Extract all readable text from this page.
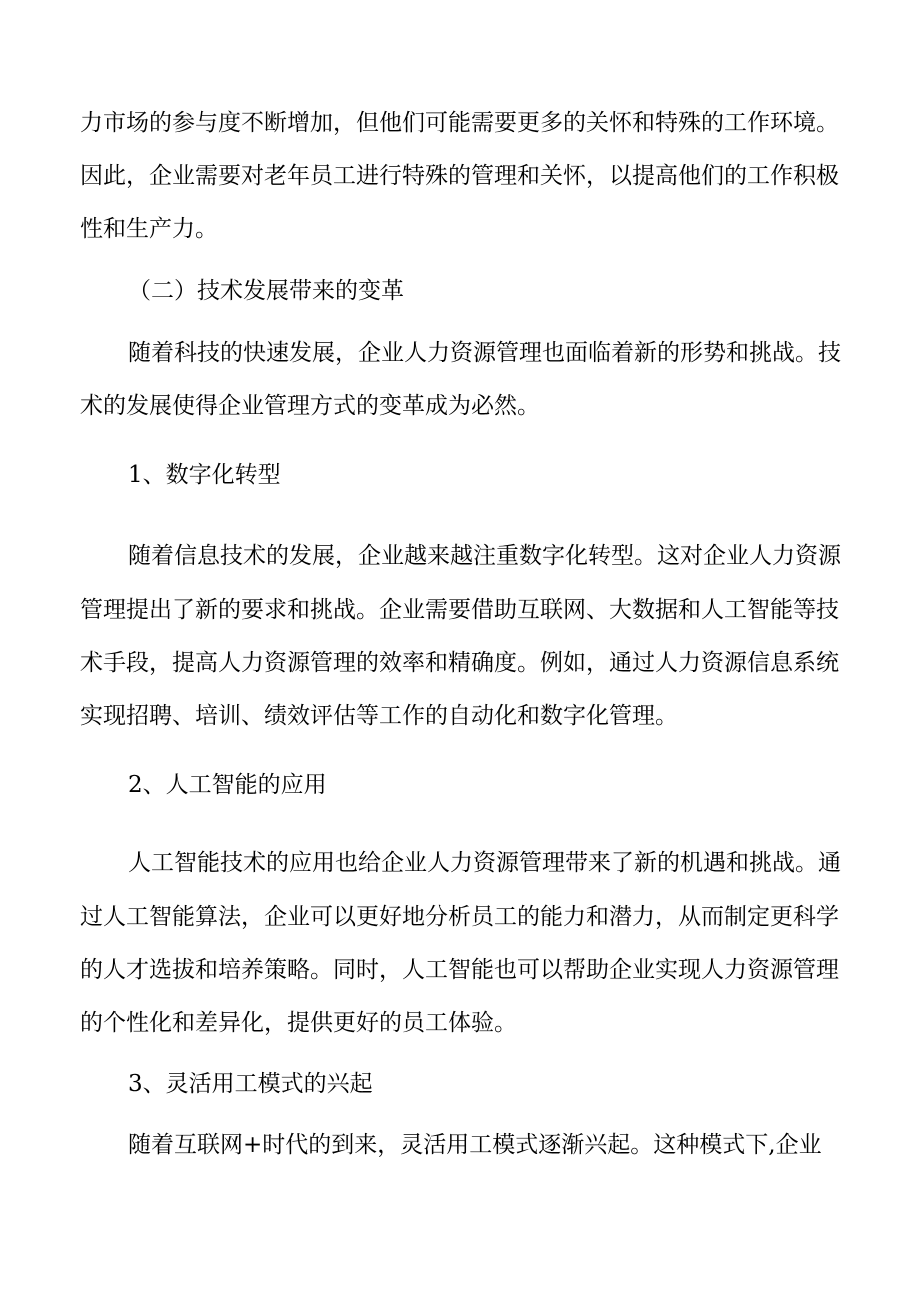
力市场的参与度不断增加，但他们可能需要更多的关怀和特殊的工作环境。
因此，企业需要对老年员工进行特殊的管理和关怀，以提高他们的工作积极
性和生产力。
（二）技术发展带来的变革
随着科技的快速发展，企业人力资源管理也面临着新的形势和挑战。技
术的发展使得企业管理方式的变革成为必然。
1、数字化转型
随着信息技术的发展，企业越来越注重数字化转型。这对企业人力资源
管理提出了新的要求和挑战。企业需要借助互联网、大数据和人工智能等技
术手段，提高人力资源管理的效率和精确度。例如，通过人力资源信息系统
实现招聘、培训、绩效评估等工作的自动化和数字化管理。
2、人工智能的应用
人工智能技术的应用也给企业人力资源管理带来了新的机遇和挑战。通
过人工智能算法，企业可以更好地分析员工的能力和潜力，从而制定更科学
的人才选拔和培养策略。同时，人工智能也可以帮助企业实现人力资源管理
的个性化和差异化，提供更好的员工体验。
3、灵活用工模式的兴起
随着互联网+时代的到来，灵活用工模式逐渐兴起。这种模式下,企业
